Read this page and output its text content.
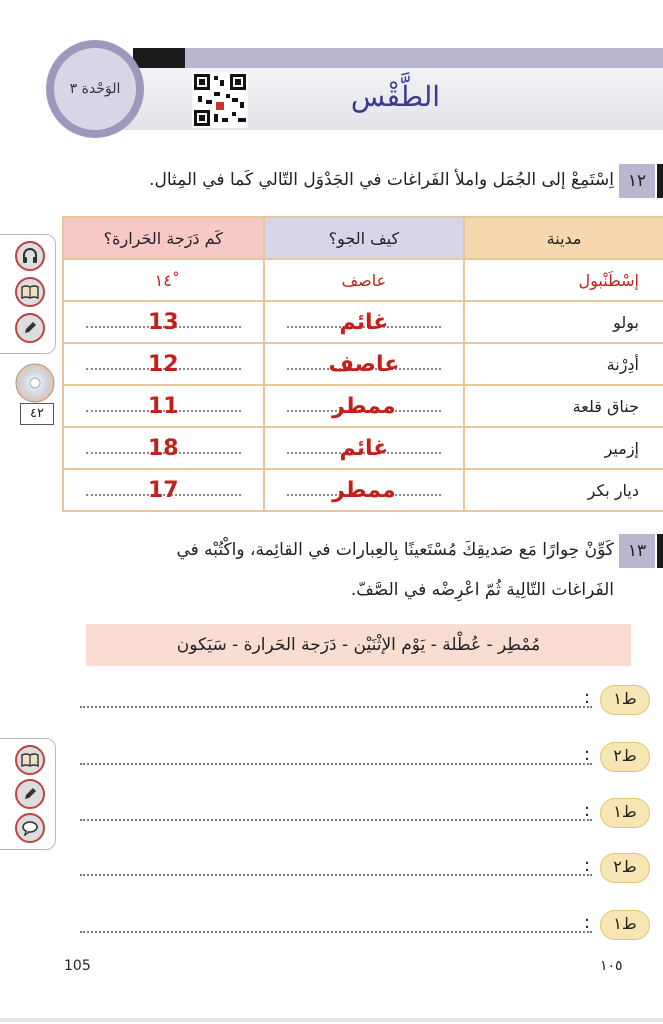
الوَحْدة ٣	الطَّقْس
١٢
اِسْتَمِعْ إلى الجُمَل واملأ الفَراغات في الجَدْوَل التّالي كَما في المِثال.
مدينة	كيف الجو؟	كَم دَرَجة الحَرارة؟
إسْطَنْبول	عاصف	١٤ْ
بولو	غائم	13
أدِرْنة	عاصف	12
جناق قلعة	ممطر	11
إزمير	غائم	18
ديار بكر	ممطر	17
٤٢
١٣
كَوِّنْ حِوارًا مَع صَديقِكَ مُسْتَعينًا بِالعِبارات في القائِمة، واكْتُبْه في
الفَراغات التّالِية ثُمّ اعْرِضْه في الصَّفّ.
مُمْطِر - عُطْلة - يَوْم الإثْنَيْن - دَرَجة الحَرارة - سَيَكون
ط١
:
ط٢
:
ط١
:
ط٢
:
ط١
:
105	١٠٥
